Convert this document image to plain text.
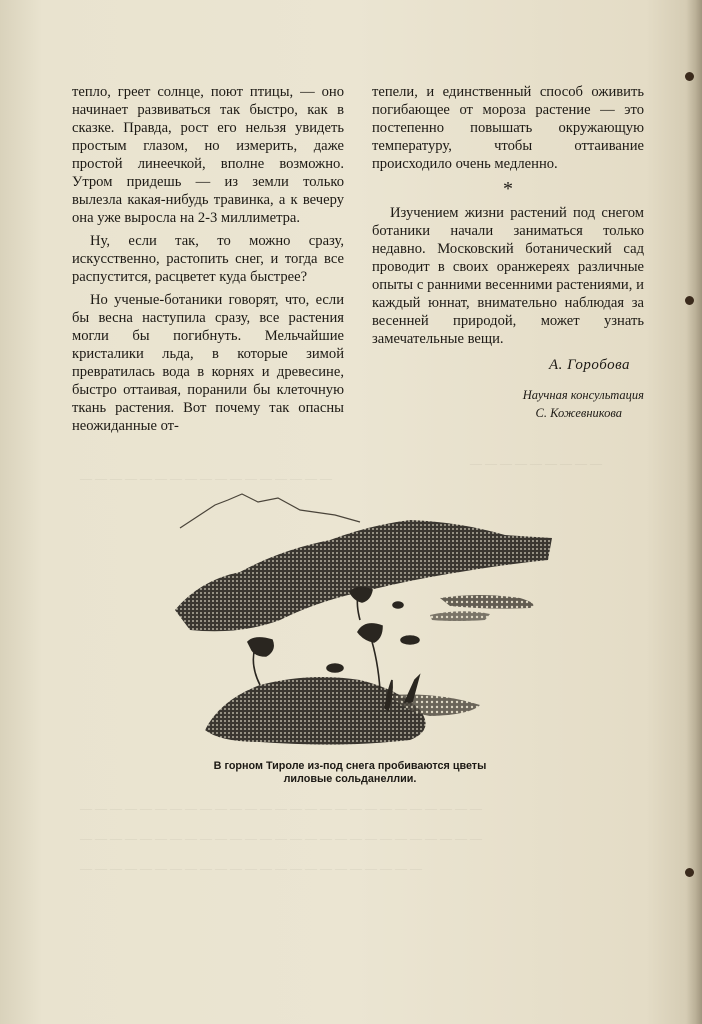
тепло, греет солнце, поют птицы, — оно начинает развиваться так быстро, как в сказке. Правда, рост его нельзя увидеть простым глазом, но измерить, даже простой линеечкой, вполне возможно. Утром придешь — из земли только вылезла какая-нибудь травинка, а к вечеру она уже выросла на 2-3 миллиметра.

Ну, если так, то можно сразу, искусственно, растопить снег, и тогда все распустится, расцветет куда быстрее?

Но ученые-ботаники говорят, что, если бы весна наступила сразу, все растения могли бы погибнуть. Мельчайшие кристалики льда, в которые зимой превратилась вода в корнях и древесине, быстро оттаивая, поранили бы клеточную ткань растения. Вот почему так опасны неожиданные от-

тепели, и единственный способ оживить погибающее от мороза растение — это постепенно повышать окружающую температуру, чтобы оттаивание происходило очень медленно.

*

Изучением жизни растений под снегом ботаники начали заниматься только недавно. Московский ботанический сад проводит в своих оранжереях различные опыты с ранними весенними растениями, и каждый юннат, внимательно наблюдая за весенней природой, может узнать замечательные вещи.

А. Горобова
Научная консультация
С. Кожевникова
В горном Тироле из-под снега пробиваются цветы
лиловые сольданеллии.
